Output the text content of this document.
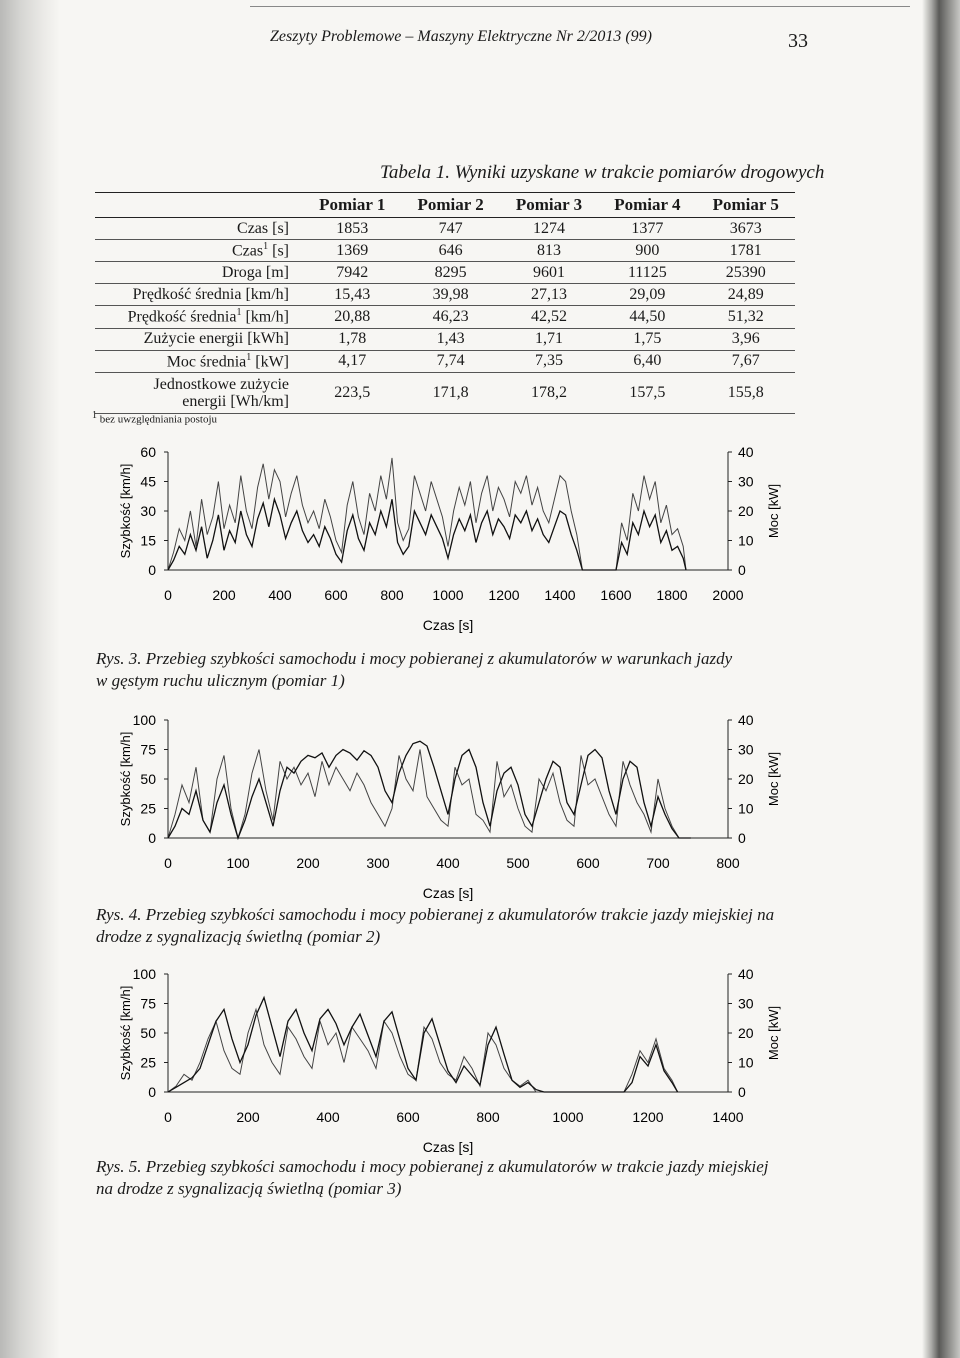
Zeszyty Problemowe – Maszyny Elektryczne Nr 2/2013 (99)	33
Tabela 1. Wyniki uzyskane w trakcie pomiarów drogowych
	Pomiar 1	Pomiar 2	Pomiar 3	Pomiar 4	Pomiar 5
Czas [s]	1853	747	1274	1377	3673
Czas$^1$ [s]	1369	646	813	900	1781
Droga [m]	7942	8295	9601	11125	25390
Prędkość średnia [km/h]	15,43	39,98	27,13	29,09	24,89
Prędkość średnia$^1$ [km/h]	20,88	46,23	42,52	44,50	51,32
Zużycie energii [kWh]	1,78	1,43	1,71	1,75	3,96
Moc średnia$^1$ [kW]	4,17	7,74	7,35	6,40	7,67

Jednostkowe zużycie
energii [Wh/km]	223,5	171,8	178,2	157,5	155,8
1 bez uwzględniania postoju
0
15
30
45
60
0
10
20
30
40
0	200 400 600 800 1000 1200 1400 1600 1800 2000
Szybkość [km/h]	Moc [kW]
Czas [s]
Rys. 3. Przebieg szybkości samochodu i mocy pobieranej z akumulatorów w warunkach jazdy
w gęstym ruchu ulicznym (pomiar 1)
0
25
50
75
100
0
10
20
30
40
0	100	200	300	400	500	600	700	800
Szybkość [km/h]	Moc [kW]
Czas [s]
Rys. 4. Przebieg szybkości samochodu i mocy pobieranej z akumulatorów trakcie jazdy miejskiej na
drodze z sygnalizacją świetlną (pomiar 2)
0
25
50
75
100
0
10
20
30
40
0	200	400	600	800	1000	1200	1400
Szybkość [km/h]	Moc [kW]
Czas [s]
Rys. 5. Przebieg szybkości samochodu i mocy pobieranej z akumulatorów w trakcie jazdy miejskiej
na drodze z sygnalizacją świetlną (pomiar 3)
